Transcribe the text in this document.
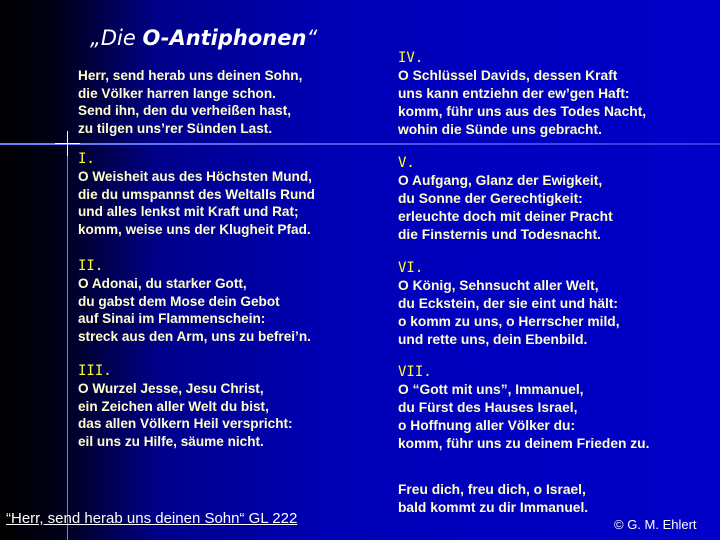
„Die O-Antiphonen“
Herr, send herab uns deinen Sohn,
die Völker harren lange schon.
Send ihn, den du verheißen hast,
zu tilgen uns’rer Sünden Last.
I.
O Weisheit aus des Höchsten Mund,
die du umspannst des Weltalls Rund
und alles lenkst mit Kraft und Rat;
komm, weise uns der Klugheit Pfad.
II.
O Adonai, du starker Gott,
du gabst dem Mose dein Gebot
auf Sinai im Flammenschein:
streck aus den Arm, uns zu befrei’n.
III.
O Wurzel Jesse, Jesu Christ,
ein Zeichen aller Welt du bist,
das allen Völkern Heil verspricht:
eil uns zu Hilfe, säume nicht.
IV.
O Schlüssel Davids, dessen Kraft
uns kann entziehn der ew’gen Haft:
komm, führ uns aus des Todes Nacht,
wohin die Sünde uns gebracht.
V.
O Aufgang, Glanz der Ewigkeit,
du Sonne der Gerechtigkeit:
erleuchte doch mit deiner Pracht
die Finsternis und Todesnacht.
VI.
O König, Sehnsucht aller Welt,
du Eckstein, der sie eint und hält:
o komm zu uns, o Herrscher mild,
und rette uns, dein Ebenbild.
VII.
O “Gott mit uns”, Immanuel,
du Fürst des Hauses Israel,
o Hoffnung aller Völker du:
komm, führ uns zu deinem Frieden zu.
Freu dich, freu dich, o Israel,
bald kommt zu dir Immanuel.
“Herr, send herab uns deinen Sohn“ GL 222	© G. M. Ehlert
